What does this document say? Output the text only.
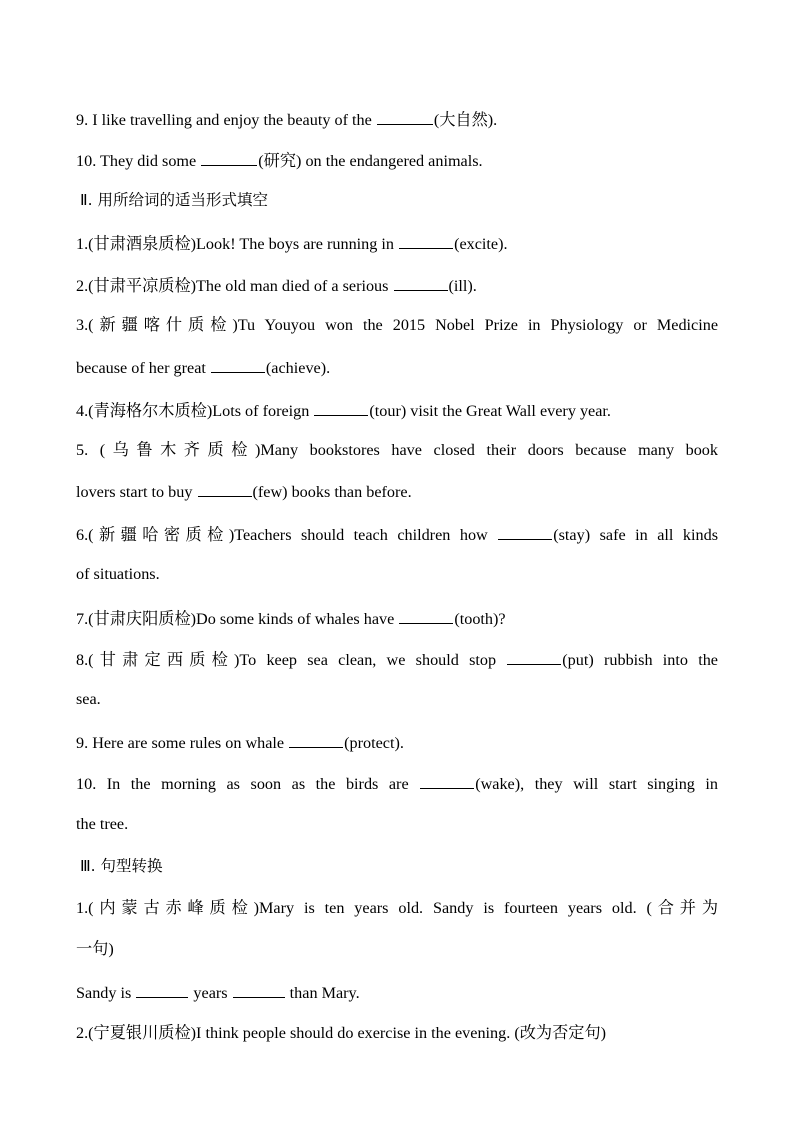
9. I like travelling and enjoy the beauty of the	(大自然).
10. They did some	(研究) on the endangered animals.
Ⅱ. 用所给词的适当形式填空
1.(甘肃酒泉质检)Look! The boys are running in	(excite).
2.(甘肃平凉质检)The old man died of a serious	(ill).
3.(新疆喀什质检)Tu Youyou won the 2015 Nobel Prize in Physiology or Medicine
because of her great	(achieve).
4.(青海格尔木质检)Lots of foreign	(tour) visit the Great Wall every year.
5. (乌鲁木齐质检)Many bookstores have closed their doors because many book
lovers start to buy	(few) books than before.
6.(新疆哈密质检)Teachers should teach children how	(stay) safe in all kinds
of situations.
7.(甘肃庆阳质检)Do some kinds of whales have	(tooth)?
8.(甘肃定西质检)To keep sea clean, we should stop	(put) rubbish into the
sea.
9. Here are some rules on whale	(protect).
10. In the morning as soon as the birds are	(wake), they will start singing in
the tree.
Ⅲ. 句型转换
1.(内蒙古赤峰质检)Mary is ten years old. Sandy is fourteen years old. (合并为
一句)
Sandy is	years	than Mary.
2.(宁夏银川质检)I think people should do exercise in the evening. (改为否定句)
